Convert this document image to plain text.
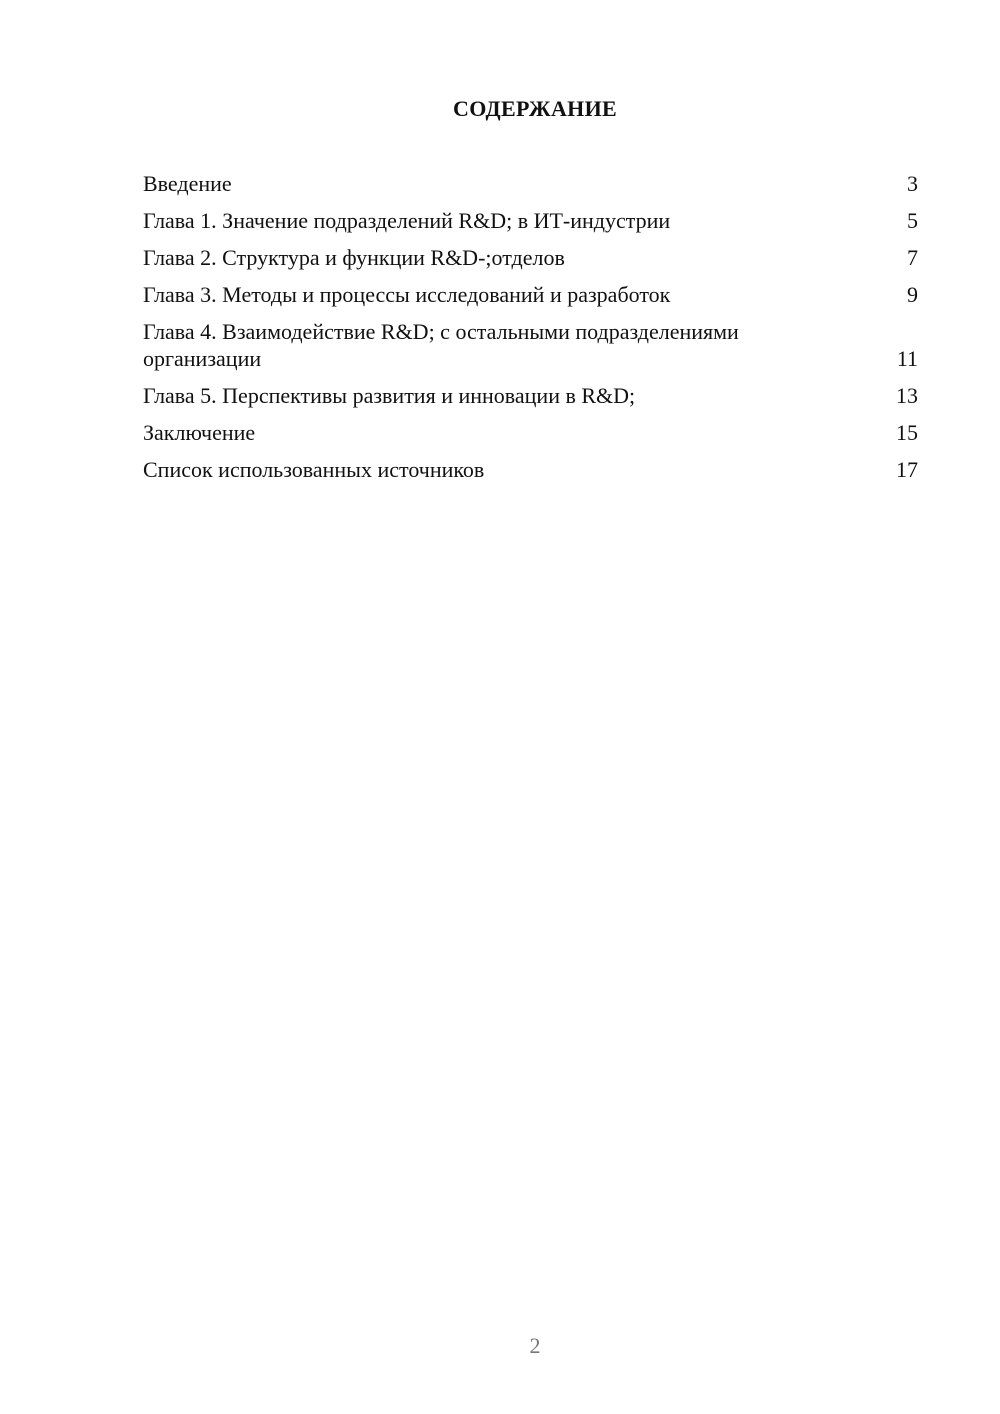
СОДЕРЖАНИЕ
Введение	3
Глава 1. Значение подразделений R&D; в ИТ-индустрии	5
Глава 2. Структура и функции R&D-;отделов	7
Глава 3. Методы и процессы исследований и разработок	9
Глава 4. Взаимодействие R&D; с остальными подразделениями организации	11
Глава 5. Перспективы развития и инновации в R&D;	13
Заключение	15
Список использованных источников	17
2
